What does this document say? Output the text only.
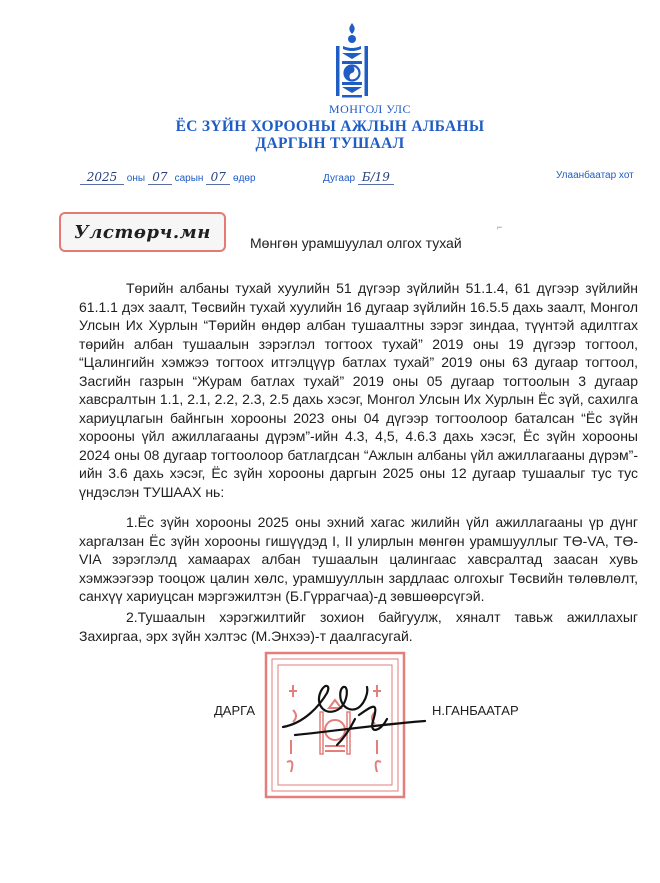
МОНГОЛ УЛС
ЁС ЗҮЙН ХОРООНЫ АЖЛЫН АЛБАНЫ
ДАРГЫН ТУШААЛ
2025 оны 07 сарын 07 өдөр	Дугаар Б/19	Улаанбаатар хот
Улстөрч.мн	⌐
Мөнгөн урамшуулал олгох тухай
Төрийн албаны тухай хуулийн 51 дүгээр зүйлийн 51.1.4, 61 дүгээр зүйлийн 61.1.1 дэх заалт, Төсвийн тухай хуулийн 16 дугаар зүйлийн 16.5.5 дахь заалт, Монгол Улсын Их Хурлын “Төрийн өндөр албан тушаалтны зэрэг зиндаа, түүнтэй адилтгах төрийн албан тушаалын зэрэглэл тогтоох тухай” 2019 оны 19 дүгээр тогтоол, “Цалингийн хэмжээ тогтоох итгэлцүүр батлах тухай” 2019 оны 63 дугаар тогтоол, Засгийн газрын “Журам батлах тухай” 2019 оны 05 дугаар тогтоолын 3 дугаар хавсралтын 1.1, 2.1, 2.2, 2.3, 2.5 дахь хэсэг, Монгол Улсын Их Хурлын Ёс зүй, сахилга хариуцлагын байнгын хорооны 2023 оны 04 дүгээр тогтоолоор баталсан “Ёс зүйн хорооны үйл ажиллагааны дүрэм”-ийн 4.3, 4,5, 4.6.3 дахь хэсэг, Ёс зүйн хорооны 2024 оны 08 дугаар тогтоолоор батлагдсан “Ажлын албаны үйл ажиллагааны дүрэм”-ийн 3.6 дахь хэсэг, Ёс зүйн хорооны даргын 2025 оны 12 дугаар тушаалыг тус тус үндэслэн ТУШААХ нь:
1.Ёс зүйн хорооны 2025 оны эхний хагас жилийн үйл ажиллагааны үр дүнг харгалзан Ёс зүйн хорооны гишүүдэд I, II улирлын мөнгөн урамшууллыг ТӨ-VA, ТӨ-VIA зэрэглэлд хамаарах албан тушаалын цалингаас хавсралтад заасан хувь хэмжээгээр тооцож цалин хөлс, урамшууллын зардлаас олгохыг Төсвийн төлөвлөлт, санхүү хариуцсан мэргэжилтэн (Б.Гүррагчаа)-д зөвшөөрсүгэй.
2.Тушаалын хэрэгжилтийг зохион байгуулж, хяналт тавьж ажиллахыг Захиргаа, эрх зүйн хэлтэс (М.Энхээ)-т даалгасугай.
ДАРГА	Н.ГАНБААТАР
